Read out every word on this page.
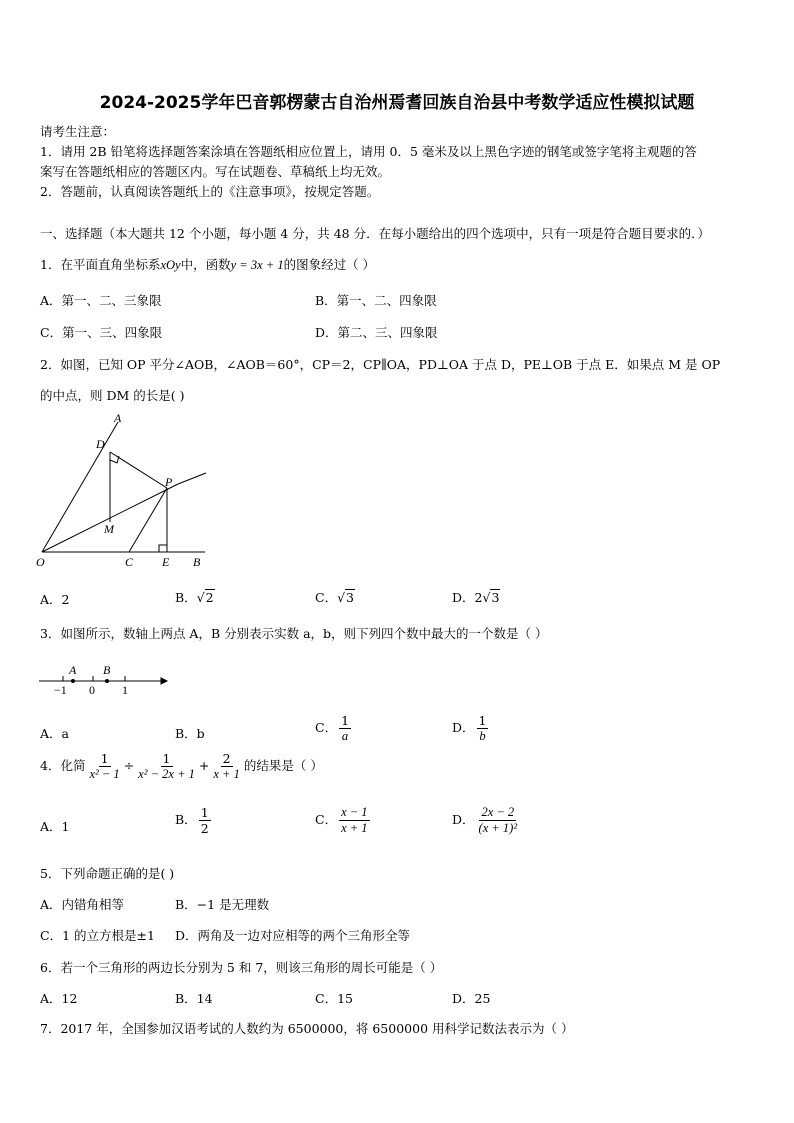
2024-2025学年巴音郭楞蒙古自治州焉耆回族自治县中考数学适应性模拟试题
请考生注意：
1．请用 2B 铅笔将选择题答案涂填在答题纸相应位置上，请用 0．5 毫米及以上黑色字迹的钢笔或签字笔将主观题的答
案写在答题纸相应的答题区内。写在试题卷、草稿纸上均无效。
2．答题前，认真阅读答题纸上的《注意事项》，按规定答题。
一、选择题（本大题共 12 个小题，每小题 4 分，共 48 分．在每小题给出的四个选项中，只有一项是符合题目要求的．）
1．在平面直角坐标系xOy中，函数y = 3x + 1的图象经过（ ）
A．第一、二、三象限	B．第一、二、四象限
C．第一、三、四象限	D．第二、三、四象限
2．如图，已知 OP 平分∠AOB，∠AOB＝60°，CP＝2，CP∥OA，PD⊥OA 于点 D，PE⊥OB 于点 E．如果点 M 是 OP
的中点，则 DM 的长是( )
A
D
P
M
O	C E B
A．2	B．√2	C．√3	D．2√3
3．如图所示，数轴上两点 A，B 分别表示实数 a，b，则下列四个数中最大的一个数是（ ）
A B
−1 0 1
A．a	B．b	C． $\frac{1}{a}$	D． $\frac{1}{b}$
4．化简 $\frac{1}{\text{x² − 1}} \div \frac{1}{\text{x² − 2x + 1}} + \frac{2}{x + 1}$ 的结果是（ ）
A．1	B． $\frac{1}{2}$	C． $\frac{x - 1}{x + 1}$	D． $\frac{2x - 2}{\text{(x + 1)²}}$
5．下列命题正确的是( )
A．内错角相等	B．−1 是无理数
C．1 的立方根是±1 D．两角及一边对应相等的两个三角形全等
6．若一个三角形的两边长分别为 5 和 7，则该三角形的周长可能是（ ）
A．12	B．14	C．15	D．25
7．2017 年，全国参加汉语考试的人数约为 6500000，将 6500000 用科学记数法表示为（ ）
